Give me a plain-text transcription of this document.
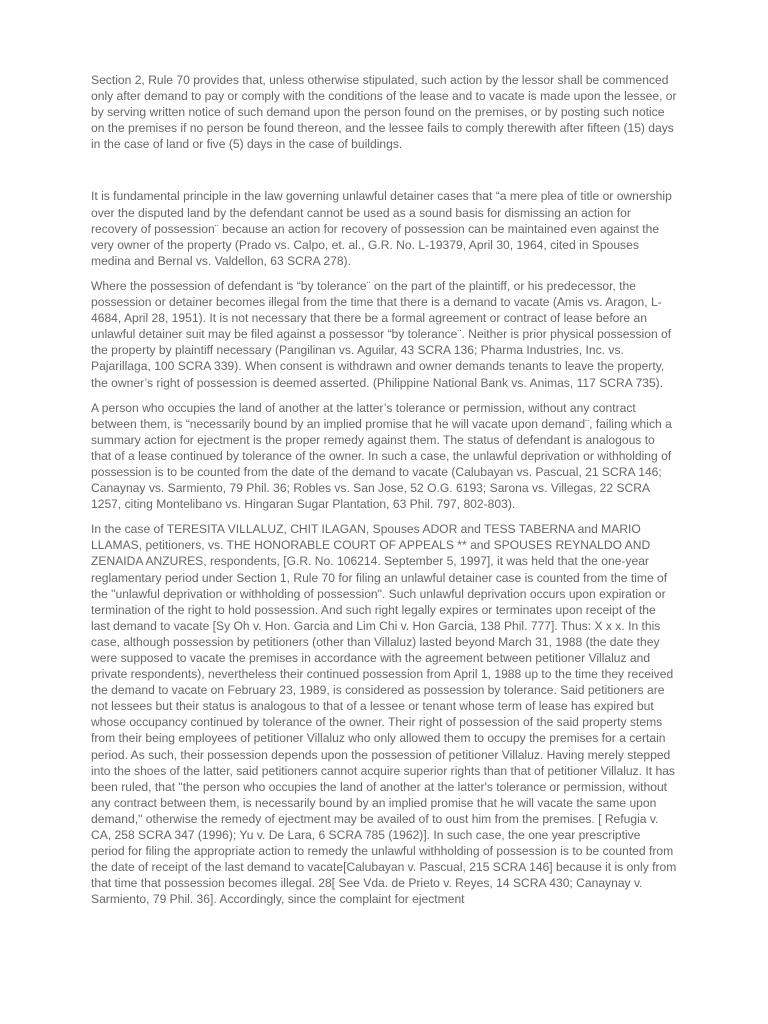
Section 2, Rule 70 provides that, unless otherwise stipulated, such action by the lessor shall be commenced only after demand to pay or comply with the conditions of the lease and to vacate is made upon the lessee, or by serving written notice of such demand upon the person found on the premises, or by posting such notice on the premises if no person be found thereon, and the lessee fails to comply therewith after fifteen (15) days in the case of land or five (5) days in the case of buildings.

It is fundamental principle in the law governing unlawful detainer cases that “a mere plea of title or ownership over the disputed land by the defendant cannot be used as a sound basis for dismissing an action for recovery of possession¨ because an action for recovery of possession can be maintained even against the very owner of the property (Prado vs. Calpo, et. al., G.R. No. L-19379, April 30, 1964, cited in Spouses medina and Bernal vs. Valdellon, 63 SCRA 278).

Where the possession of defendant is “by tolerance¨ on the part of the plaintiff, or his predecessor, the possession or detainer becomes illegal from the time that there is a demand to vacate (Amis vs. Aragon, L-4684, April 28, 1951). It is not necessary that there be a formal agreement or contract of lease before an unlawful detainer suit may be filed against a possessor “by tolerance¨. Neither is prior physical possession of the property by plaintiff necessary (Pangilinan vs. Aguilar, 43 SCRA 136; Pharma Industries, Inc. vs. Pajarillaga, 100 SCRA 339). When consent is withdrawn and owner demands tenants to leave the property, the owner’s right of possession is deemed asserted. (Philippine National Bank vs. Animas, 117 SCRA 735).

A person who occupies the land of another at the latter’s tolerance or permission, without any contract between them, is “necessarily bound by an implied promise that he will vacate upon demand¨, failing which a summary action for ejectment is the proper remedy against them. The status of defendant is analogous to that of a lease continued by tolerance of the owner. In such a case, the unlawful deprivation or withholding of possession is to be counted from the date of the demand to vacate (Calubayan vs. Pascual, 21 SCRA 146; Canaynay vs. Sarmiento, 79 Phil. 36; Robles vs. San Jose, 52 O.G. 6193; Sarona vs. Villegas, 22 SCRA 1257, citing Montelibano vs. Hingaran Sugar Plantation, 63 Phil. 797, 802-803).

In the case of TERESITA VILLALUZ, CHIT ILAGAN, Spouses ADOR and TESS TABERNA and MARIO LLAMAS, petitioners, vs. THE HONORABLE COURT OF APPEALS ** and SPOUSES REYNALDO AND ZENAIDA ANZURES, respondents, [G.R. No. 106214. September 5, 1997], it was held that the one-year reglamentary period under Section 1, Rule 70 for filing an unlawful detainer case is counted from the time of the "unlawful deprivation or withholding of possession". Such unlawful deprivation occurs upon expiration or termination of the right to hold possession. And such right legally expires or terminates upon receipt of the last demand to vacate [Sy Oh v. Hon. Garcia and Lim Chi v. Hon Garcia, 138 Phil. 777]. Thus: X x x. In this case, although possession by petitioners (other than Villaluz) lasted beyond March 31, 1988 (the date they were supposed to vacate the premises in accordance with the agreement between petitioner Villaluz and private respondents), nevertheless their continued possession from April 1, 1988 up to the time they received the demand to vacate on February 23, 1989, is considered as possession by tolerance. Said petitioners are not lessees but their status is analogous to that of a lessee or tenant whose term of lease has expired but whose occupancy continued by tolerance of the owner. Their right of possession of the said property stems from their being employees of petitioner Villaluz who only allowed them to occupy the premises for a certain period. As such, their possession depends upon the possession of petitioner Villaluz. Having merely stepped into the shoes of the latter, said petitioners cannot acquire superior rights than that of petitioner Villaluz. It has been ruled, that "the person who occupies the land of another at the latter's tolerance or permission, without any contract between them, is necessarily bound by an implied promise that he will vacate the same upon demand," otherwise the remedy of ejectment may be availed of to oust him from the premises. [ Refugia v. CA, 258 SCRA 347 (1996); Yu v. De Lara, 6 SCRA 785 (1962)]. In such case, the one year prescriptive period for filing the appropriate action to remedy the unlawful withholding of possession is to be counted from the date of receipt of the last demand to vacate[Calubayan v. Pascual, 215 SCRA 146] because it is only from that time that possession becomes illegal. 28[ See Vda. de Prieto v. Reyes, 14 SCRA 430; Canaynay v. Sarmiento, 79 Phil. 36]. Accordingly, since the complaint for ejectment
